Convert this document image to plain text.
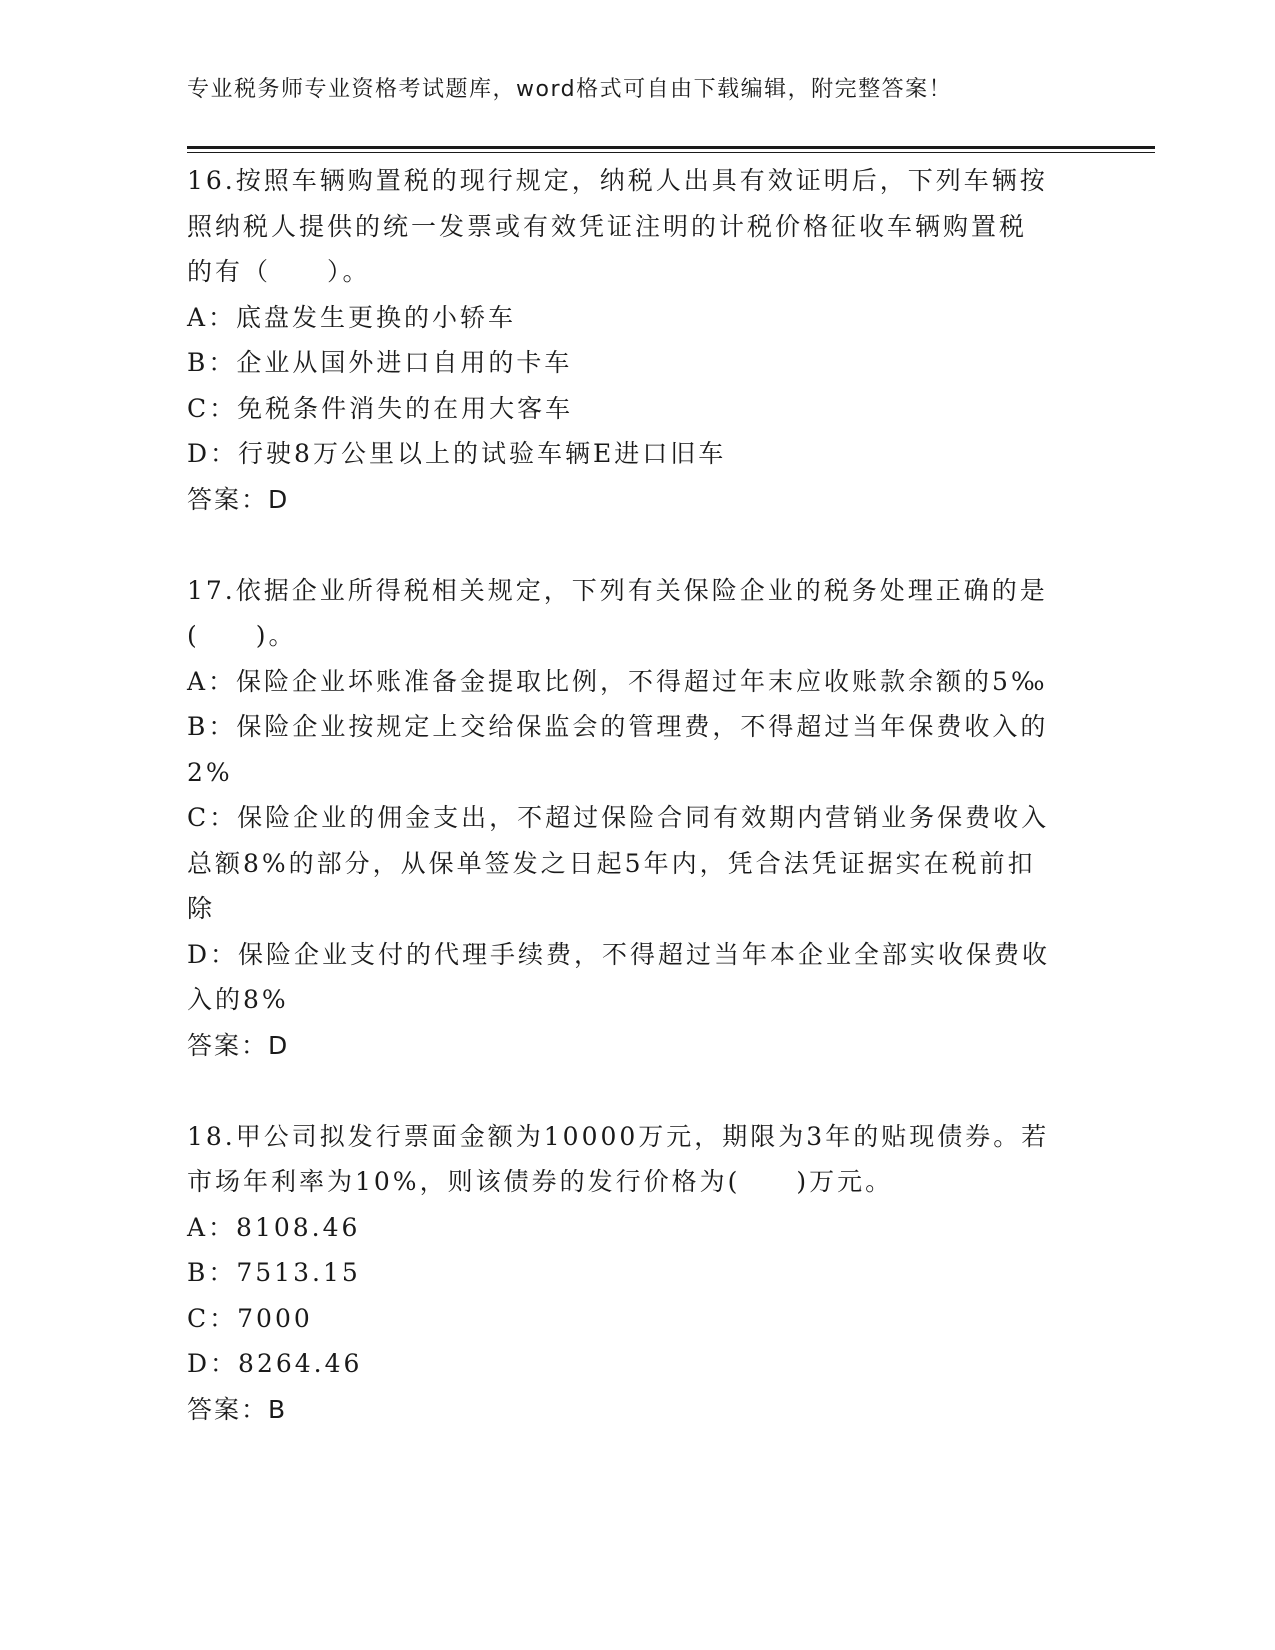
专业税务师专业资格考试题库，word格式可自由下载编辑，附完整答案！

16.按照车辆购置税的现行规定，纳税人出具有效证明后，下列车辆按

照纳税人提供的统一发票或有效凭证注明的计税价格征收车辆购置税

的有（　　）。

A：底盘发生更换的小轿车

B：企业从国外进口自用的卡车

C：免税条件消失的在用大客车

D：行驶8万公里以上的试验车辆E进口旧车

答案：D

17.依据企业所得税相关规定，下列有关保险企业的税务处理正确的是

(　　)。

A：保险企业坏账准备金提取比例，不得超过年末应收账款余额的5‰

B：保险企业按规定上交给保监会的管理费，不得超过当年保费收入的

2%

C：保险企业的佣金支出，不超过保险合同有效期内营销业务保费收入

总额8%的部分，从保单签发之日起5年内，凭合法凭证据实在税前扣

除

D：保险企业支付的代理手续费，不得超过当年本企业全部实收保费收

入的8%

答案：D

18.甲公司拟发行票面金额为10000万元，期限为3年的贴现债券。若

市场年利率为10%，则该债券的发行价格为(　　)万元。

A：8108.46

B：7513.15

C：7000

D：8264.46

答案：B
